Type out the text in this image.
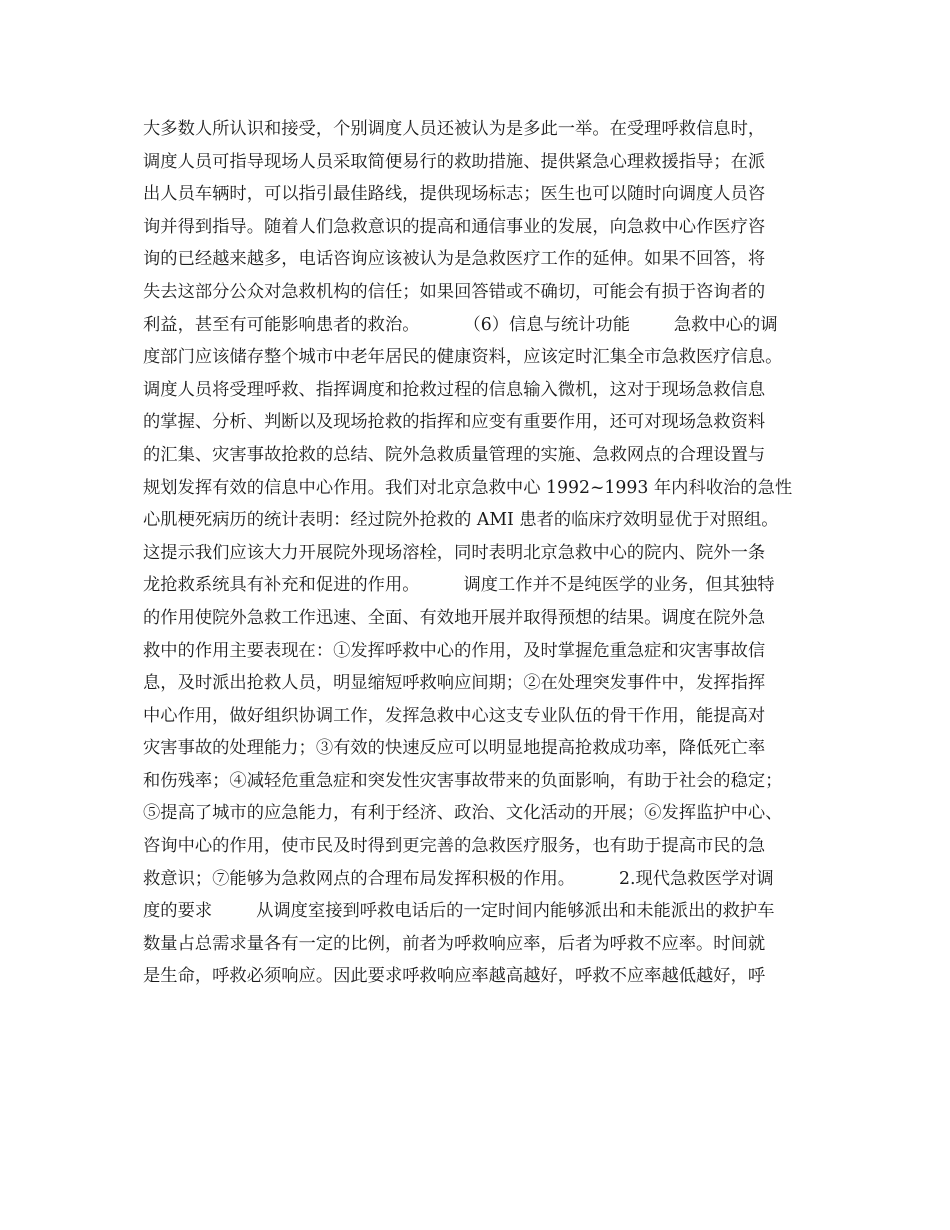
大多数人所认识和接受，个别调度人员还被认为是多此一举。在受理呼救信息时，
调度人员可指导现场人员采取简便易行的救助措施、提供紧急心理救援指导；在派
出人员车辆时，可以指引最佳路线，提供现场标志；医生也可以随时向调度人员咨
询并得到指导。随着人们急救意识的提高和通信事业的发展，向急救中心作医疗咨
询的已经越来越多，电话咨询应该被认为是急救医疗工作的延伸。如果不回答，将
失去这部分公众对急救机构的信任；如果回答错或不确切，可能会有损于咨询者的
利益，甚至有可能影响患者的救治。        （6）信息与统计功能        急救中心的调
度部门应该储存整个城市中老年居民的健康资料，应该定时汇集全市急救医疗信息。
调度人员将受理呼救、指挥调度和抢救过程的信息输入微机，这对于现场急救信息
的掌握、分析、判断以及现场抢救的指挥和应变有重要作用，还可对现场急救资料
的汇集、灾害事故抢救的总结、院外急救质量管理的实施、急救网点的合理设置与
规划发挥有效的信息中心作用。我们对北京急救中心 1992~1993 年内科收治的急性
心肌梗死病历的统计表明：经过院外抢救的 AMI 患者的临床疗效明显优于对照组。
这提示我们应该大力开展院外现场溶栓，同时表明北京急救中心的院内、院外一条
龙抢救系统具有补充和促进的作用。        调度工作并不是纯医学的业务，但其独特
的作用使院外急救工作迅速、全面、有效地开展并取得预想的结果。调度在院外急
救中的作用主要表现在：①发挥呼救中心的作用，及时掌握危重急症和灾害事故信
息，及时派出抢救人员，明显缩短呼救响应间期；②在处理突发事件中，发挥指挥
中心作用，做好组织协调工作，发挥急救中心这支专业队伍的骨干作用，能提高对
灾害事故的处理能力；③有效的快速反应可以明显地提高抢救成功率，降低死亡率
和伤残率；④减轻危重急症和突发性灾害事故带来的负面影响，有助于社会的稳定；
⑤提高了城市的应急能力，有利于经济、政治、文化活动的开展；⑥发挥监护中心、
咨询中心的作用，使市民及时得到更完善的急救医疗服务，也有助于提高市民的急
救意识；⑦能够为急救网点的合理布局发挥积极的作用。        2.现代急救医学对调
度的要求        从调度室接到呼救电话后的一定时间内能够派出和未能派出的救护车
数量占总需求量各有一定的比例，前者为呼救响应率，后者为呼救不应率。时间就
是生命，呼救必须响应。因此要求呼救响应率越高越好，呼救不应率越低越好，呼
